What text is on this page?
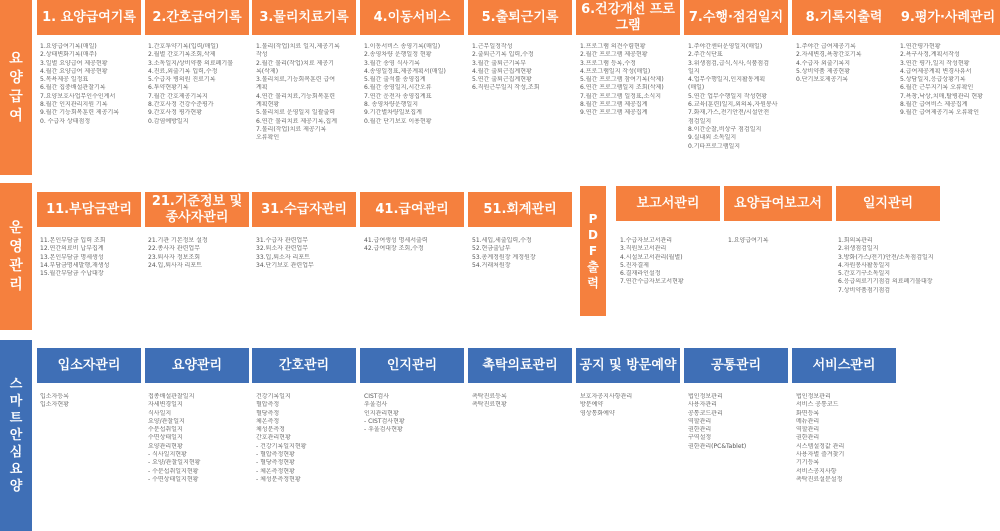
요양급여
운영관리
스마트안심요양
1. 요양급여기록	2.간호급여기록	3.물리치료기록	4.이동서비스	5.출퇴근기록
6.건강개선 프로그램
7.수행·점검일지	8.기록지출력	9.평가·사례관리
1.요양급여기록(매일)
2.상태변화기록(매주)
3.일별 요양급여 제공현황
4.월간 요양급여 제공현황
5.목욕제공 일정표
6.월간 집중배설관찰기록
7.요양보호사업무인수인계서
8.월간 인지관리지원 기록
9.월간 기능회복훈련 제공기록
0. 수급자 상태점정
1.간호투약기록(입력/매일)
2.월별 간호기록조회,삭제
3.소독일지/상비약품 의료폐기물
4.진료,외출기록 입력,수정
5.수급자 병의원 진료기록
6.투약현황기록
7.월간 간호제공기록지
8.간호사정 건강수준평가
9.간호사정 평가현황
0.감염예방일지
1.물리(작업)치료 일지,제공기록
작성
2.월간 물리(작업)치료 제공기
록(삭제)
3.물리치료,기능회복훈련 급여
계획
4.연간 물리치료,기능회복훈련
계획현황
5.물리치료 운영일지 일괄출력
6.연간 물리치료 제공기록,집계
7.물리(작업)치료 제공기록
오류확인
1.이동서비스 송영기록(매일)
2.송영차량 운행일정 현황
3.월간 송영 식사기록
4.송영일정표,제공계획서(매일)
5.월간 출석률 송영집계
6.월간 송영일지,시간오류
7.연간 운전자 송영집계표
8. 송영차량운행일지
9.기간별차량일보집계
0.월간 단기보호 이용현황
1.근무일정작성
2.출퇴근기록 입력,수정
3.월간 출퇴근기록부
4.월간 출퇴근집계현황
5.연간 출퇴근집계현황
6.직원근무일지 작성,조회
1.프로그램 의견수렴현황
2.월간 프로그램 제공현황
3.프로그램 등록,수정
4.프로그램일지 작성(매일)
5.월간 프로그램 참여기록(삭제)
6.연간 프로그램일지 조회(삭제)
7.월간 프로그램 일정표,소식지
8.월간 프로그램 제공집계
9.연간 프로그램 제공집계
1.주야간센터운영일지(매일)
2.주간식단표
3.위생점검,급식,식사,식품점검
일지
4.업무수행일지,인지활동계획
(매일)
5.연간 업무수행일지 작성현황
6.교육(훈련)일지,외의록,자원봉사
7.화재,가스,전기안전/시설안전
점검일지
8.이간순찰,비상구 점검일지
9.실내외 소독일지
0.기타프로그램일지
1.주야간 급여제공기록
2.자세변경,욕창간호기록
4.수급자 외출기록지
5.상비약품 제공현황
0.단기보호제공기록
1.연간평가현황
2.욕구사정,계획서작성
3.연간 평가,일지 작성현황
4.급여제공계획 변경사유서
5.상담일지,응급상황기록
6.월간 근무지기록 오류확인
7.욕창,낙상,치매,탈병관리 현황
8.월간 급여비스 제공집계
9.월간 급여제공기록 오류확인
11.부담금관리
21.기준정보 및 종사자관리
31.수급자관리	41.급여관리	51.회계관리
11.본인부담금 입력 조회
12.연간의료비 납부집계
13.본인부담금 명세생성
14.부담금명세발행,재생성
15.월간부담금 수납대장
21.기관 기본정보 설정
22.종사자 관련업무
23.퇴사자 정보조회
24.입,퇴사자 리포트
31.수급자 관련업무
32.퇴소자 관련업무
33.입,퇴소자 리포트
34.단기보호 관련업무
41.급여생성 명세서출력
42.급여대장 조회,수정
51.세입,세출입력,수정
52.현금출납부
53.총계정원장 계정원장
54.거래처원장
PDF출력
보고서관리	요양급여보고서	일지관리
1.수급자보고서관리
3.직원보고서관리
4.시설보고서관리(월별)
5.진자결제
6.결재라인설정
7.연간수급자보고서현황
1.요양급여기록	1.회의록관리
2.위생점검일지
3.방화(가스/전기)안전/소독점검일지
4.자원봉사활동일지
5.간호기구소독일지
6.응급의료기기점검 의료폐기물대장
7.상비약품점기점검
입소자관리	요양관리	간호관리	인지관리	촉탁의료관리	공지 및 방문예약	공통관리	서비스관리
입소자등록
입소자현황
접종배설관찰일지
자세변경일지
식사일지
요양/관찰일지
수분섭취일지
수면상태일지
요양관리현황
- 식사일지현황
- 요양/관찰일지현황
- 수분섭취일지현황
- 수면상태일지현황
건강기록일지
혈압측정
혈당측정
체온측정
체성분측정
간호관리현황
- 건강기록일지현황
- 혈압측정현황
- 혈당측정현황
- 체온측정현황
- 체성분측정현황
CIST검사
우울검사
인지관리현황
- CIST검사현황
- 우울검사현황
촉탁진료등록
촉탁진료현황
보호자공지사항관리
방문예약
영상통화예약
법인정보관리
사용자관리
공통코드관리
역할관리
권한관리
구역설정
권한관리(PC&Tablet)
법인정보관리
서비스 공통코드
화면등록
메뉴관리
역할관리
권한관리
시스템설정값 관리
사용자별 즐겨찾기
기기등록
서비스공지사항
촉탁진료설문설정
